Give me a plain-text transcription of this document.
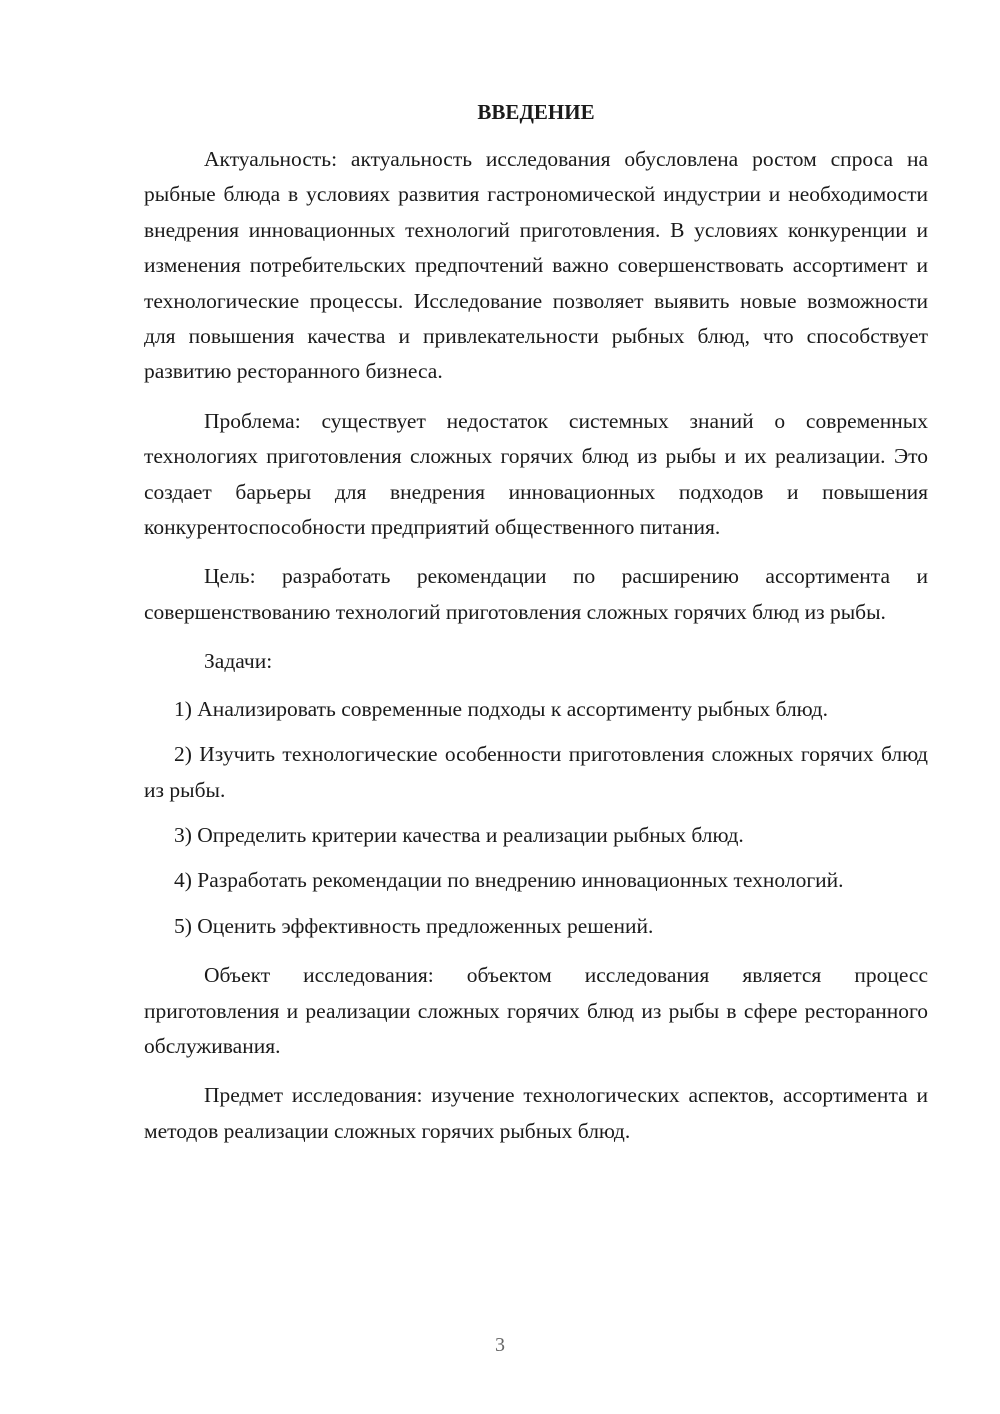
ВВЕДЕНИЕ

Актуальность: актуальность исследования обусловлена ростом спроса на рыбные блюда в условиях развития гастрономической индустрии и необходимости внедрения инновационных технологий приготовления. В условиях конкуренции и изменения потребительских предпочтений важно совершенствовать ассортимент и технологические процессы. Исследование позволяет выявить новые возможности для повышения качества и привлекательности рыбных блюд, что способствует развитию ресторанного бизнеса.

Проблема: существует недостаток системных знаний о современных технологиях приготовления сложных горячих блюд из рыбы и их реализации. Это создает барьеры для внедрения инновационных подходов и повышения конкурентоспособности предприятий общественного питания.

Цель: разработать рекомендации по расширению ассортимента и совершенствованию технологий приготовления сложных горячих блюд из рыбы.

Задачи:

1) Анализировать современные подходы к ассортименту рыбных блюд.

2) Изучить технологические особенности приготовления сложных горячих блюд из рыбы.

3) Определить критерии качества и реализации рыбных блюд.

4) Разработать рекомендации по внедрению инновационных технологий.

5) Оценить эффективность предложенных решений.

Объект исследования: объектом исследования является процесс приготовления и реализации сложных горячих блюд из рыбы в сфере ресторанного обслуживания.

Предмет исследования: изучение технологических аспектов, ассортимента и методов реализации сложных горячих рыбных блюд.

3
